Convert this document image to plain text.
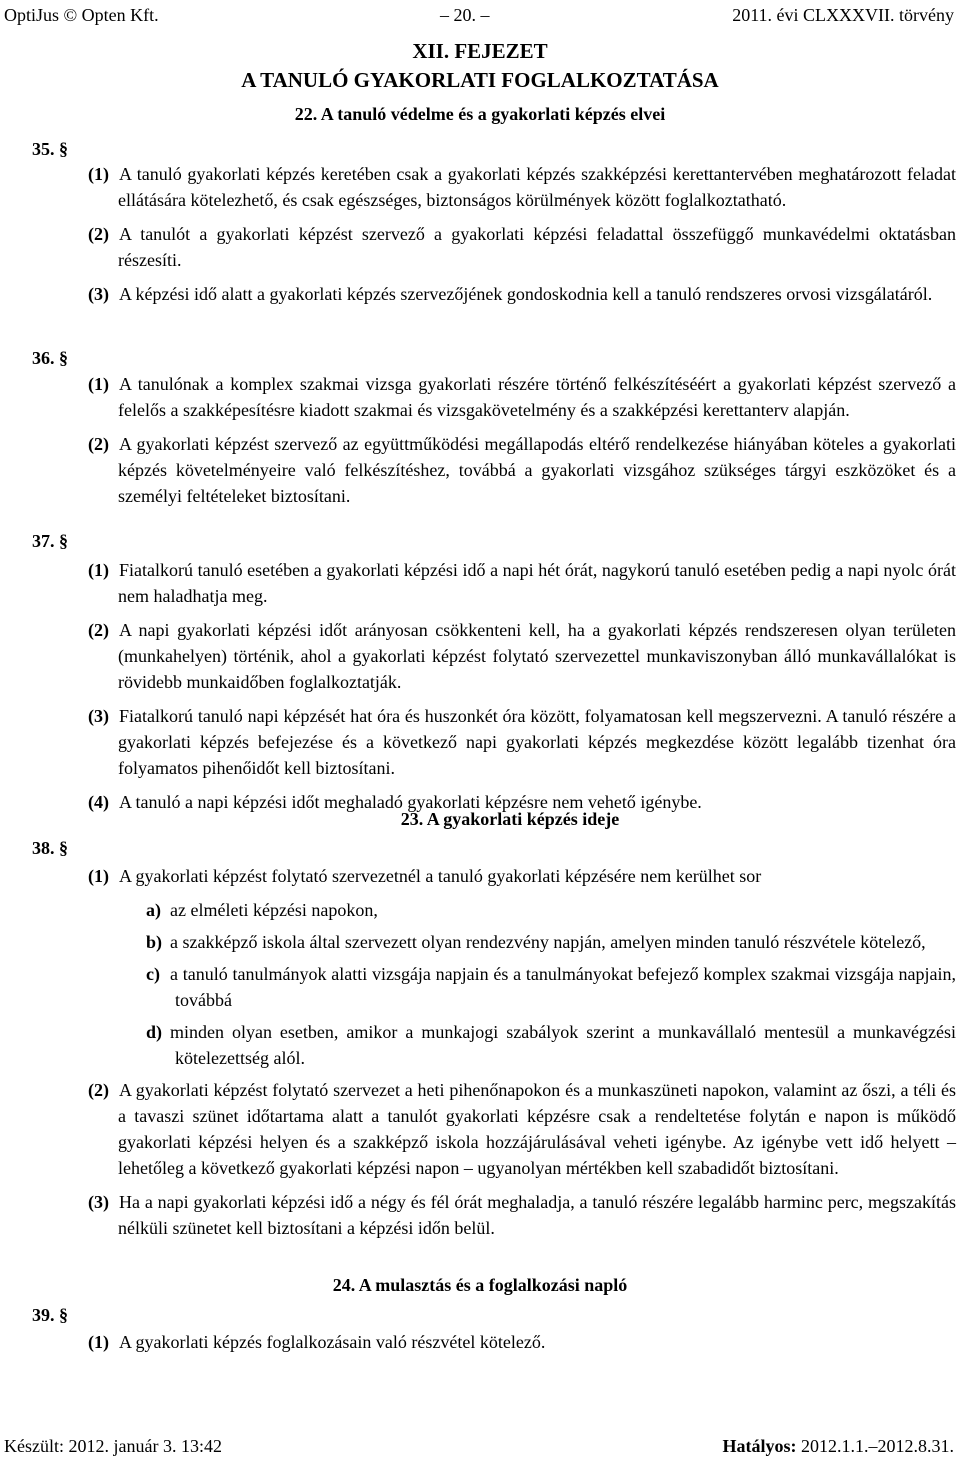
OptiJus © Opten Kft.	– 20. –	2011. évi CLXXXVII. törvény
XII. FEJEZET
A TANULÓ GYAKORLATI FOGLALKOZTATÁSA
22. A tanuló védelme és a gyakorlati képzés elvei
35. §
(1) A tanuló gyakorlati képzés keretében csak a gyakorlati képzés szakképzési kerettantervében meghatározott feladat ellátására kötelezhető, és csak egészséges, biztonságos körülmények között foglalkoztatható.
(2) A tanulót a gyakorlati képzést szervező a gyakorlati képzési feladattal összefüggő munkavédelmi oktatásban részesíti.
(3) A képzési idő alatt a gyakorlati képzés szervezőjének gondoskodnia kell a tanuló rendszeres orvosi vizsgálatáról.
36. §
(1) A tanulónak a komplex szakmai vizsga gyakorlati részére történő felkészítéséért a gyakorlati képzést szervező a felelős a szakképesítésre kiadott szakmai és vizsgakövetelmény és a szakképzési kerettanterv alapján.
(2) A gyakorlati képzést szervező az együttműködési megállapodás eltérő rendelkezése hiányában köteles a gyakorlati képzés követelményeire való felkészítéshez, továbbá a gyakorlati vizsgához szükséges tárgyi eszközöket és a személyi feltételeket biztosítani.
37. §
(1) Fiatalkorú tanuló esetében a gyakorlati képzési idő a napi hét órát, nagykorú tanuló esetében pedig a napi nyolc órát nem haladhatja meg.
(2) A napi gyakorlati képzési időt arányosan csökkenteni kell, ha a gyakorlati képzés rendszeresen olyan területen (munkahelyen) történik, ahol a gyakorlati képzést folytató szervezettel munkaviszonyban álló munkavállalókat is rövidebb munkaidőben foglalkoztatják.
(3) Fiatalkorú tanuló napi képzését hat óra és huszonkét óra között, folyamatosan kell megszervezni. A tanuló részére a gyakorlati képzés befejezése és a következő napi gyakorlati képzés megkezdése között legalább tizenhat óra folyamatos pihenőidőt kell biztosítani.
(4) A tanuló a napi képzési időt meghaladó gyakorlati képzésre nem vehető igénybe.
23. A gyakorlati képzés ideje
38. §
(1) A gyakorlati képzést folytató szervezetnél a tanuló gyakorlati képzésére nem kerülhet sor
a) az elméleti képzési napokon,
b) a szakképző iskola által szervezett olyan rendezvény napján, amelyen minden tanuló részvétele kötelező,
c) a tanuló tanulmányok alatti vizsgája napjain és a tanulmányokat befejező komplex szakmai vizsgája napjain, továbbá
d) minden olyan esetben, amikor a munkajogi szabályok szerint a munkavállaló mentesül a munkavégzési kötelezettség alól.
(2) A gyakorlati képzést folytató szervezet a heti pihenőnapokon és a munkaszüneti napokon, valamint az őszi, a téli és a tavaszi szünet időtartama alatt a tanulót gyakorlati képzésre csak a rendeltetése folytán e napon is működő gyakorlati képzési helyen és a szakképző iskola hozzájárulásával veheti igénybe. Az igénybe vett idő helyett – lehetőleg a következő gyakorlati képzési napon – ugyanolyan mértékben kell szabadidőt biztosítani.
(3) Ha a napi gyakorlati képzési idő a négy és fél órát meghaladja, a tanuló részére legalább harminc perc, megszakítás nélküli szünetet kell biztosítani a képzési időn belül.
24. A mulasztás és a foglalkozási napló
39. §
(1) A gyakorlati képzés foglalkozásain való részvétel kötelező.
Készült: 2012. január 3. 13:42	Hatályos: 2012.1.1.–2012.8.31.
